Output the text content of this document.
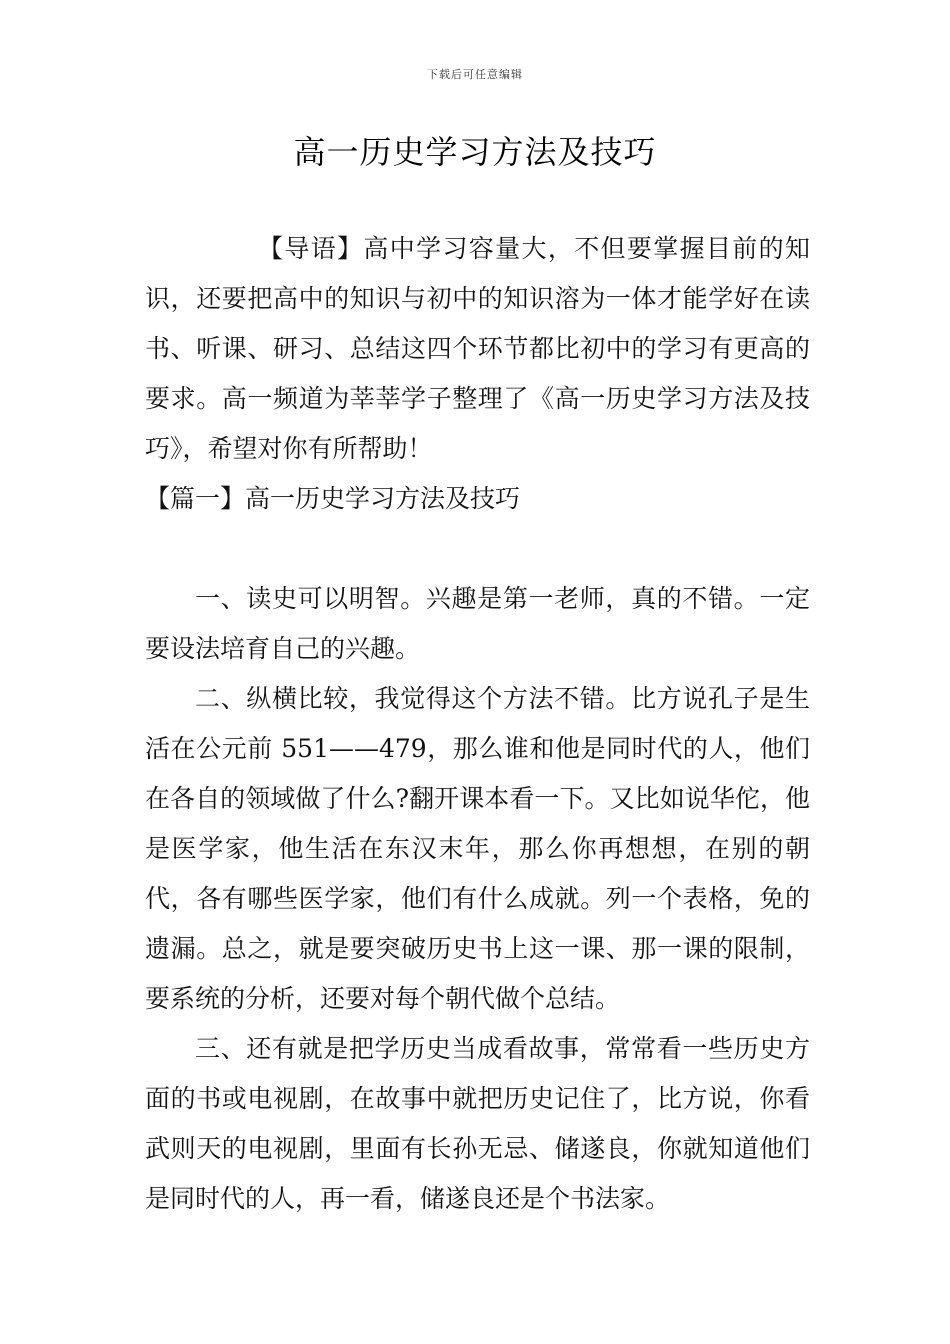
下载后可任意编辑
高一历史学习方法及技巧

【导语】高中学习容量大，不但要掌握目前的知识，还要把高中的知识与初中的知识溶为一体才能学好在读书、听课、研习、总结这四个环节都比初中的学习有更高的要求。高一频道为莘莘学子整理了《高一历史学习方法及技巧》，希望对你有所帮助！

【篇一】高一历史学习方法及技巧

一、读史可以明智。兴趣是第一老师，真的不错。一定要设法培育自己的兴趣。

二、纵横比较，我觉得这个方法不错。比方说孔子是生活在公元前 551——479，那么谁和他是同时代的人，他们在各自的领域做了什么?翻开课本看一下。又比如说华佗，他是医学家，他生活在东汉末年，那么你再想想，在别的朝代，各有哪些医学家，他们有什么成就。列一个表格，免的遗漏。总之，就是要突破历史书上这一课、那一课的限制，要系统的分析，还要对每个朝代做个总结。

三、还有就是把学历史当成看故事，常常看一些历史方面的书或电视剧，在故事中就把历史记住了，比方说，你看武则天的电视剧，里面有长孙无忌、储遂良，你就知道他们是同时代的人，再一看，储遂良还是个书法家。
